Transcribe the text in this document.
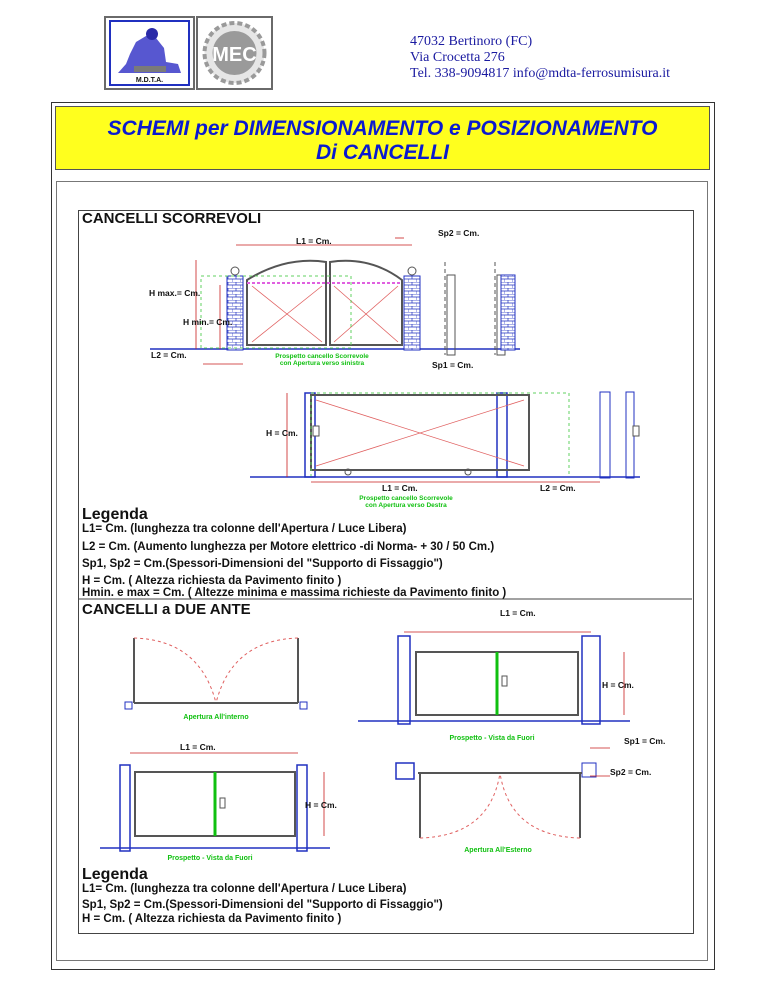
M.D.T.A.
MEC
47032 Bertinoro (FC)
Via Crocetta 276
Tel. 338-9094817 info@mdta-ferrosumisura.it
SCHEMI per DIMENSIONAMENTO e POSIZIONAMENTO
Di CANCELLI
CANCELLI SCORREVOLI
L1 = Cm.
Sp2 = Cm.
H max.= Cm.
H min.= Cm.
L2 = Cm.
Sp1 = Cm.
Prospetto cancello Scorrevole
con Apertura verso sinistra
H = Cm.
L1 = Cm.	L2 = Cm.
Prospetto cancello Scorrevole
con Apertura verso Destra
Apertura All'interno
L1 = Cm.
H = Cm.
Prospetto - Vista da Fuori
L1 = Cm.
H = Cm.
Prospetto - Vista da Fuori
Sp1 = Cm.
Sp2 = Cm.
Apertura All'Esterno
Legenda
L1= Cm. (lunghezza tra colonne dell'Apertura / Luce Libera)
L2 = Cm. (Aumento lunghezza per Motore elettrico -di Norma- + 30 / 50 Cm.)
Sp1, Sp2 = Cm.(Spessori-Dimensioni del "Supporto di Fissaggio")
H = Cm. ( Altezza richiesta da Pavimento finito )
Hmin. e max = Cm. ( Altezze minima e massima richieste da Pavimento finito )
CANCELLI a DUE ANTE
Legenda
L1= Cm. (lunghezza tra colonne dell'Apertura / Luce Libera)
Sp1, Sp2 = Cm.(Spessori-Dimensioni del "Supporto di Fissaggio")
H = Cm. ( Altezza richiesta da Pavimento finito )
